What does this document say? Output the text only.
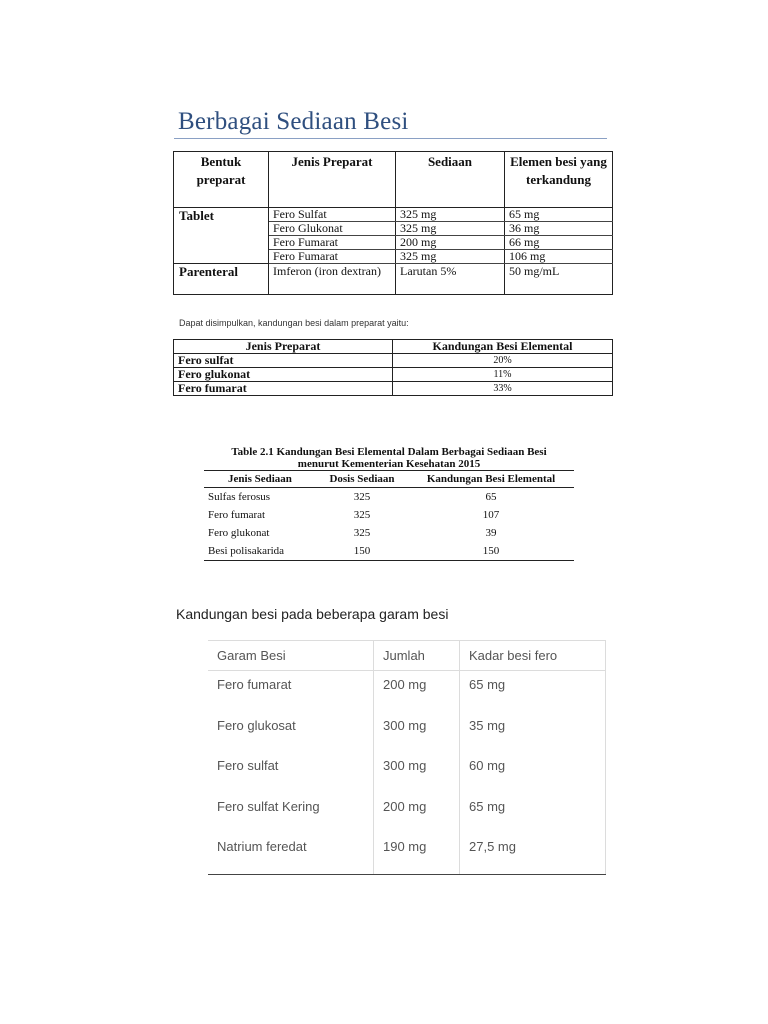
Berbagai Sediaan Besi
Bentuk preparat	Jenis Preparat	Sediaan	Elemen besi yang terkandung
Tablet	Fero Sulfat	325 mg	65 mg
	Fero Glukonat	325 mg	36 mg
	Fero Fumarat	200 mg	66 mg
	Fero Fumarat	325 mg	106 mg
Parenteral	Imferon (iron dextran)	Larutan 5%	50 mg/mL
Dapat disimpulkan, kandungan besi dalam preparat yaitu:
Jenis Preparat	Kandungan Besi Elemental
Fero sulfat	20%
Fero glukonat	11%
Fero fumarat	33%
Table 2.1 Kandungan Besi Elemental Dalam Berbagai Sediaan Besi
menurut Kementerian Kesehatan 2015
Jenis Sediaan	Dosis Sediaan	Kandungan Besi Elemental
Sulfas ferosus	325	65
Fero fumarat	325	107
Fero glukonat	325	39
Besi polisakarida	150	150
Kandungan besi pada beberapa garam besi
Garam Besi	Jumlah	Kadar besi fero
Fero fumarat	200 mg	65 mg
Fero glukosat	300 mg	35 mg
Fero sulfat	300 mg	60 mg
Fero sulfat Kering	200 mg	65 mg
Natrium feredat	190 mg	27,5 mg
